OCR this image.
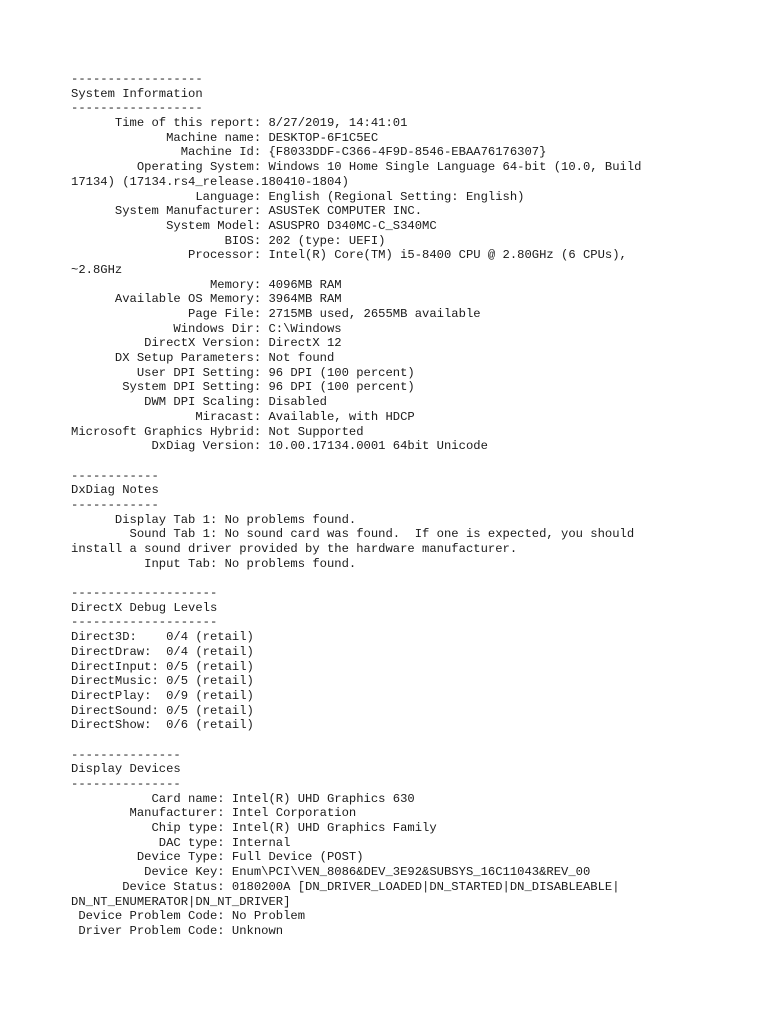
------------------
System Information
------------------
Time of this report: 8/27/2019, 14:41:01
Machine name: DESKTOP-6F1C5EC
Machine Id: {F8033DDF-C366-4F9D-8546-EBAA76176307}
Operating System: Windows 10 Home Single Language 64-bit (10.0, Build
17134) (17134.rs4_release.180410-1804)
Language: English (Regional Setting: English)
System Manufacturer: ASUSTeK COMPUTER INC.
System Model: ASUSPRO D340MC-C_S340MC
BIOS: 202 (type: UEFI)
Processor: Intel(R) Core(TM) i5-8400 CPU @ 2.80GHz (6 CPUs),
~2.8GHz
Memory: 4096MB RAM
Available OS Memory: 3964MB RAM
Page File: 2715MB used, 2655MB available
Windows Dir: C:\Windows
DirectX Version: DirectX 12
DX Setup Parameters: Not found
User DPI Setting: 96 DPI (100 percent)
System DPI Setting: 96 DPI (100 percent)
DWM DPI Scaling: Disabled
Miracast: Available, with HDCP
Microsoft Graphics Hybrid: Not Supported
DxDiag Version: 10.00.17134.0001 64bit Unicode

------------
DxDiag Notes
------------
Display Tab 1: No problems found.
Sound Tab 1: No sound card was found.  If one is expected, you should
install a sound driver provided by the hardware manufacturer.
Input Tab: No problems found.

--------------------
DirectX Debug Levels
--------------------
Direct3D:    0/4 (retail)
DirectDraw:  0/4 (retail)
DirectInput: 0/5 (retail)
DirectMusic: 0/5 (retail)
DirectPlay:  0/9 (retail)
DirectSound: 0/5 (retail)
DirectShow:  0/6 (retail)

---------------
Display Devices
---------------
Card name: Intel(R) UHD Graphics 630
Manufacturer: Intel Corporation
Chip type: Intel(R) UHD Graphics Family
DAC type: Internal
Device Type: Full Device (POST)
Device Key: Enum\PCI\VEN_8086&DEV_3E92&SUBSYS_16C11043&REV_00
Device Status: 0180200A [DN_DRIVER_LOADED|DN_STARTED|DN_DISABLEABLE|
DN_NT_ENUMERATOR|DN_NT_DRIVER]
Device Problem Code: No Problem
Driver Problem Code: Unknown
